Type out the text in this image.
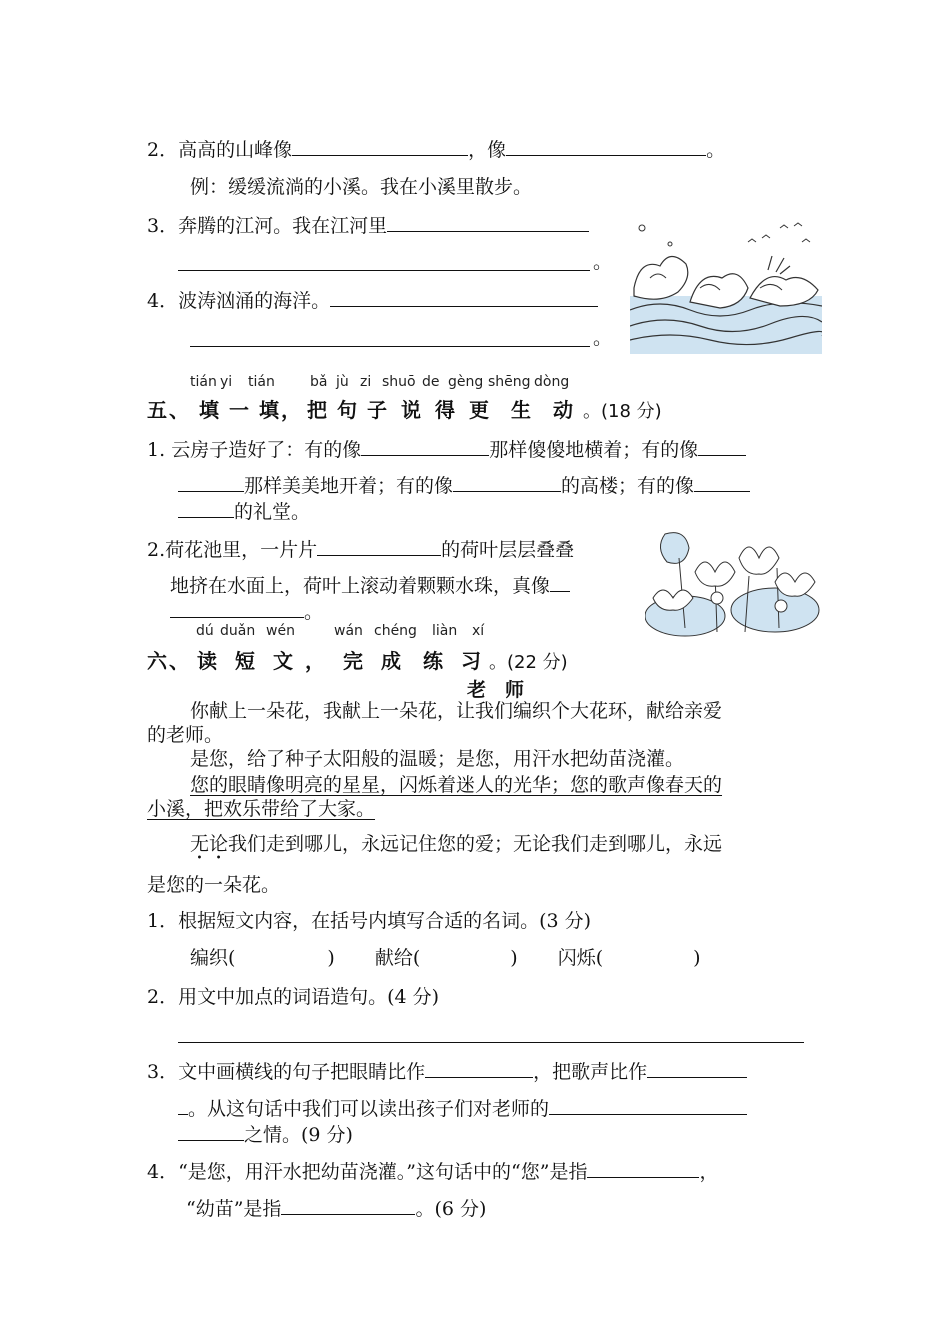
2．高高的山峰像	，像	。
例：缓缓流淌的小溪。我在小溪里散步。
3．奔腾的江河。我在江河里
。
4．波涛汹涌的海洋。
。
tián yi tián	bǎ jù zi shuō de gèng shēng dòng
五、 填 一 填， 把 句 子 说 得 更 生 动 。(18 分)
1. 云房子造好了：有的像	那样傻傻地横着；有的像
那样美美地开着；有的像	的高楼；有的像
的礼堂。
2.荷花池里，一片片	的荷叶层层叠叠
地挤在水面上，荷叶上滚动着颗颗水珠，真像
。
dú duǎn wén	wán chéng liàn xí
六、 读 短 文 ， 完 成 练 习 。(22 分)
老　师
你献上一朵花，我献上一朵花，让我们编织个大花环，献给亲爱
的老师。
是您，给了种子太阳般的温暖；是您，用汗水把幼苗浇灌。
您的眼睛像明亮的星星，闪烁着迷人的光华；您的歌声像春天的
小溪，把欢乐带给了大家。
无论我们走到哪儿，永远记住您的爱；无论我们走到哪儿，永远
是您的一朵花。
1．根据短文内容，在括号内填写合适的名词。(3 分)
编织(	) 献给(	) 闪烁(	)
2．用文中加点的词语造句。(4 分)
3．文中画横线的句子把眼睛比作	，把歌声比作
。从这句话中我们可以读出孩子们对老师的
之情。(9 分)
4．“是您，用汗水把幼苗浇灌。”这句话中的“您”是指	，
“幼苗”是指	。(6 分)
